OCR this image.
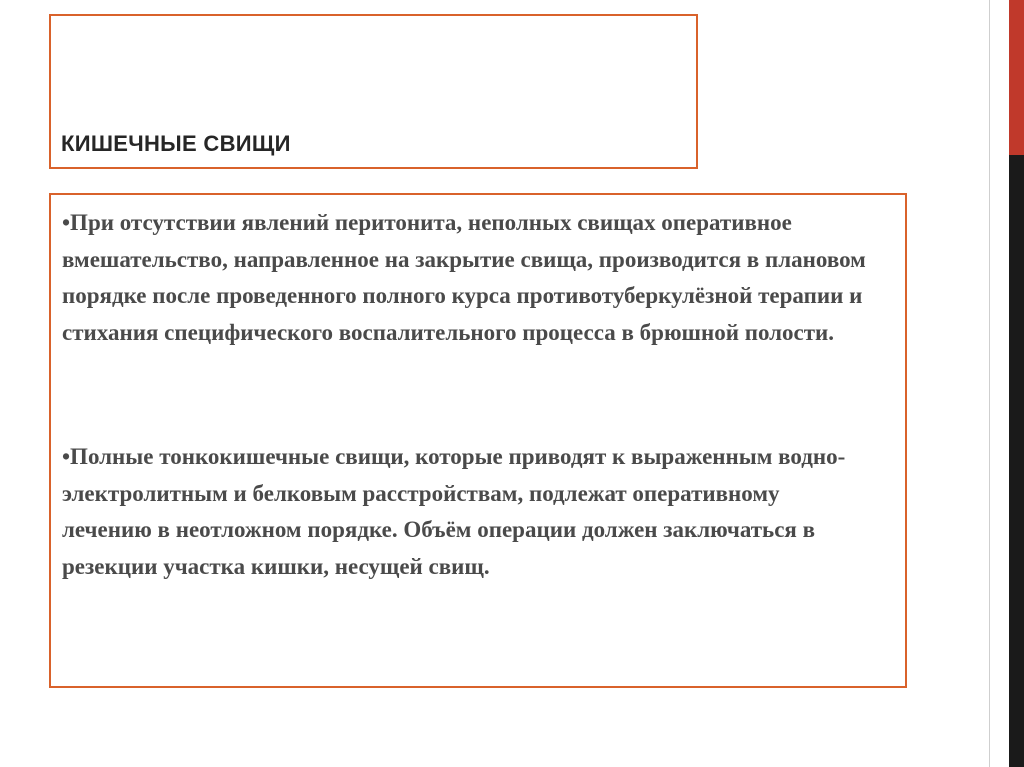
КИШЕЧНЫЕ СВИЩИ

•При отсутствии явлений перитонита, неполных свищах оперативное вмешательство, направленное на закрытие свища, производится в плановом порядке после проведенного полного курса противотуберкулёзной терапии и стихания специфического воспалительного процесса в брюшной полости.

•Полные тонкокишечные свищи, которые приводят к выраженным водно-электролитным и белковым расстройствам, подлежат оперативному лечению в неотложном порядке. Объём операции должен заключаться в резекции участка кишки, несущей свищ.
